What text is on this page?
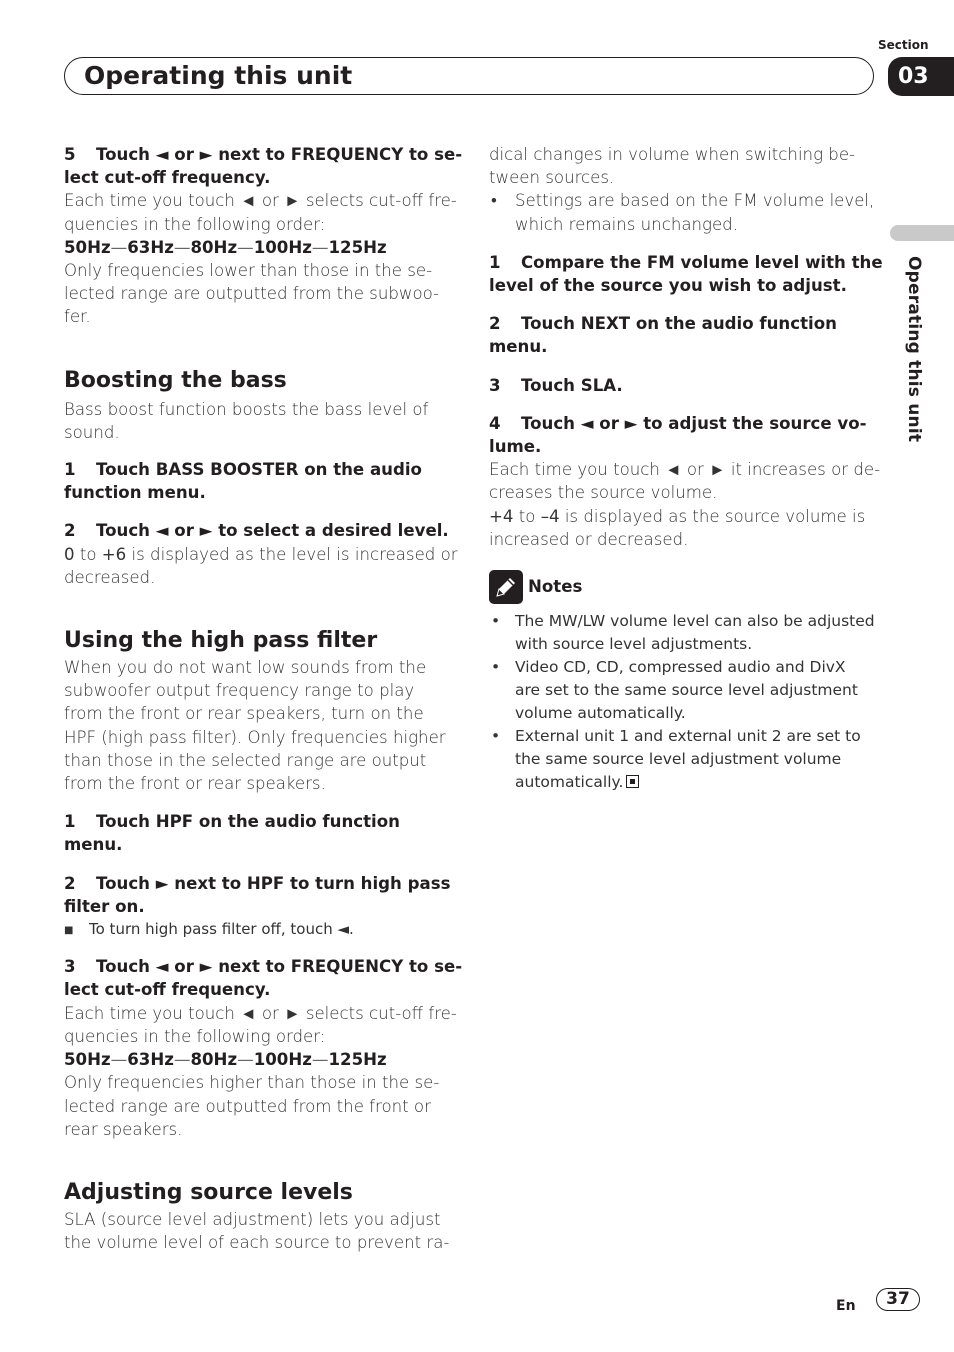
Section
Operating this unit	03
Operating this unit

5 Touch ◄ or ► next to FREQUENCY to se-

lect cut-off frequency.

Each time you touch ◄ or ► selects cut-off fre-

quencies in the following order:

50Hz—63Hz—80Hz—100Hz—125Hz

Only frequencies lower than those in the se-

lected range are outputted from the subwoo-

fer.

Boosting the bass

Bass boost function boosts the bass level of

sound.

1 Touch BASS BOOSTER on the audio

function menu.

2 Touch ◄ or ► to select a desired level.

0 to +6 is displayed as the level is increased or

decreased.

Using the high pass filter

When you do not want low sounds from the

subwoofer output frequency range to play

from the front or rear speakers, turn on the

HPF (high pass filter). Only frequencies higher

than those in the selected range are output

from the front or rear speakers.

1 Touch HPF on the audio function menu.

2 Touch ► next to HPF to turn high pass

filter on.

■ To turn high pass filter off, touch ◄.

3 Touch ◄ or ► next to FREQUENCY to se-

lect cut-off frequency.

Each time you touch ◄ or ► selects cut-off fre-

quencies in the following order:

50Hz—63Hz—80Hz—100Hz—125Hz

Only frequencies higher than those in the se-

lected range are outputted from the front or

rear speakers.

Adjusting source levels

SLA (source level adjustment) lets you adjust

the volume level of each source to prevent ra-

dical changes in volume when switching be-

tween sources.

• Settings are based on the FM volume level,
which remains unchanged.

1 Compare the FM volume level with the

level of the source you wish to adjust.

2 Touch NEXT on the audio function

menu.

3 Touch SLA.

4 Touch ◄ or ► to adjust the source vo-

lume.

Each time you touch ◄ or ► it increases or de-

creases the source volume.

+4 to –4 is displayed as the source volume is

increased or decreased.

Notes
• The MW/LW volume level can also be adjusted
with source level adjustments.
• Video CD, CD, compressed audio and DivX
are set to the same source level adjustment
volume automatically.
• External unit 1 and external unit 2 are set to
the same source level adjustment volume
automatically.
En	37
